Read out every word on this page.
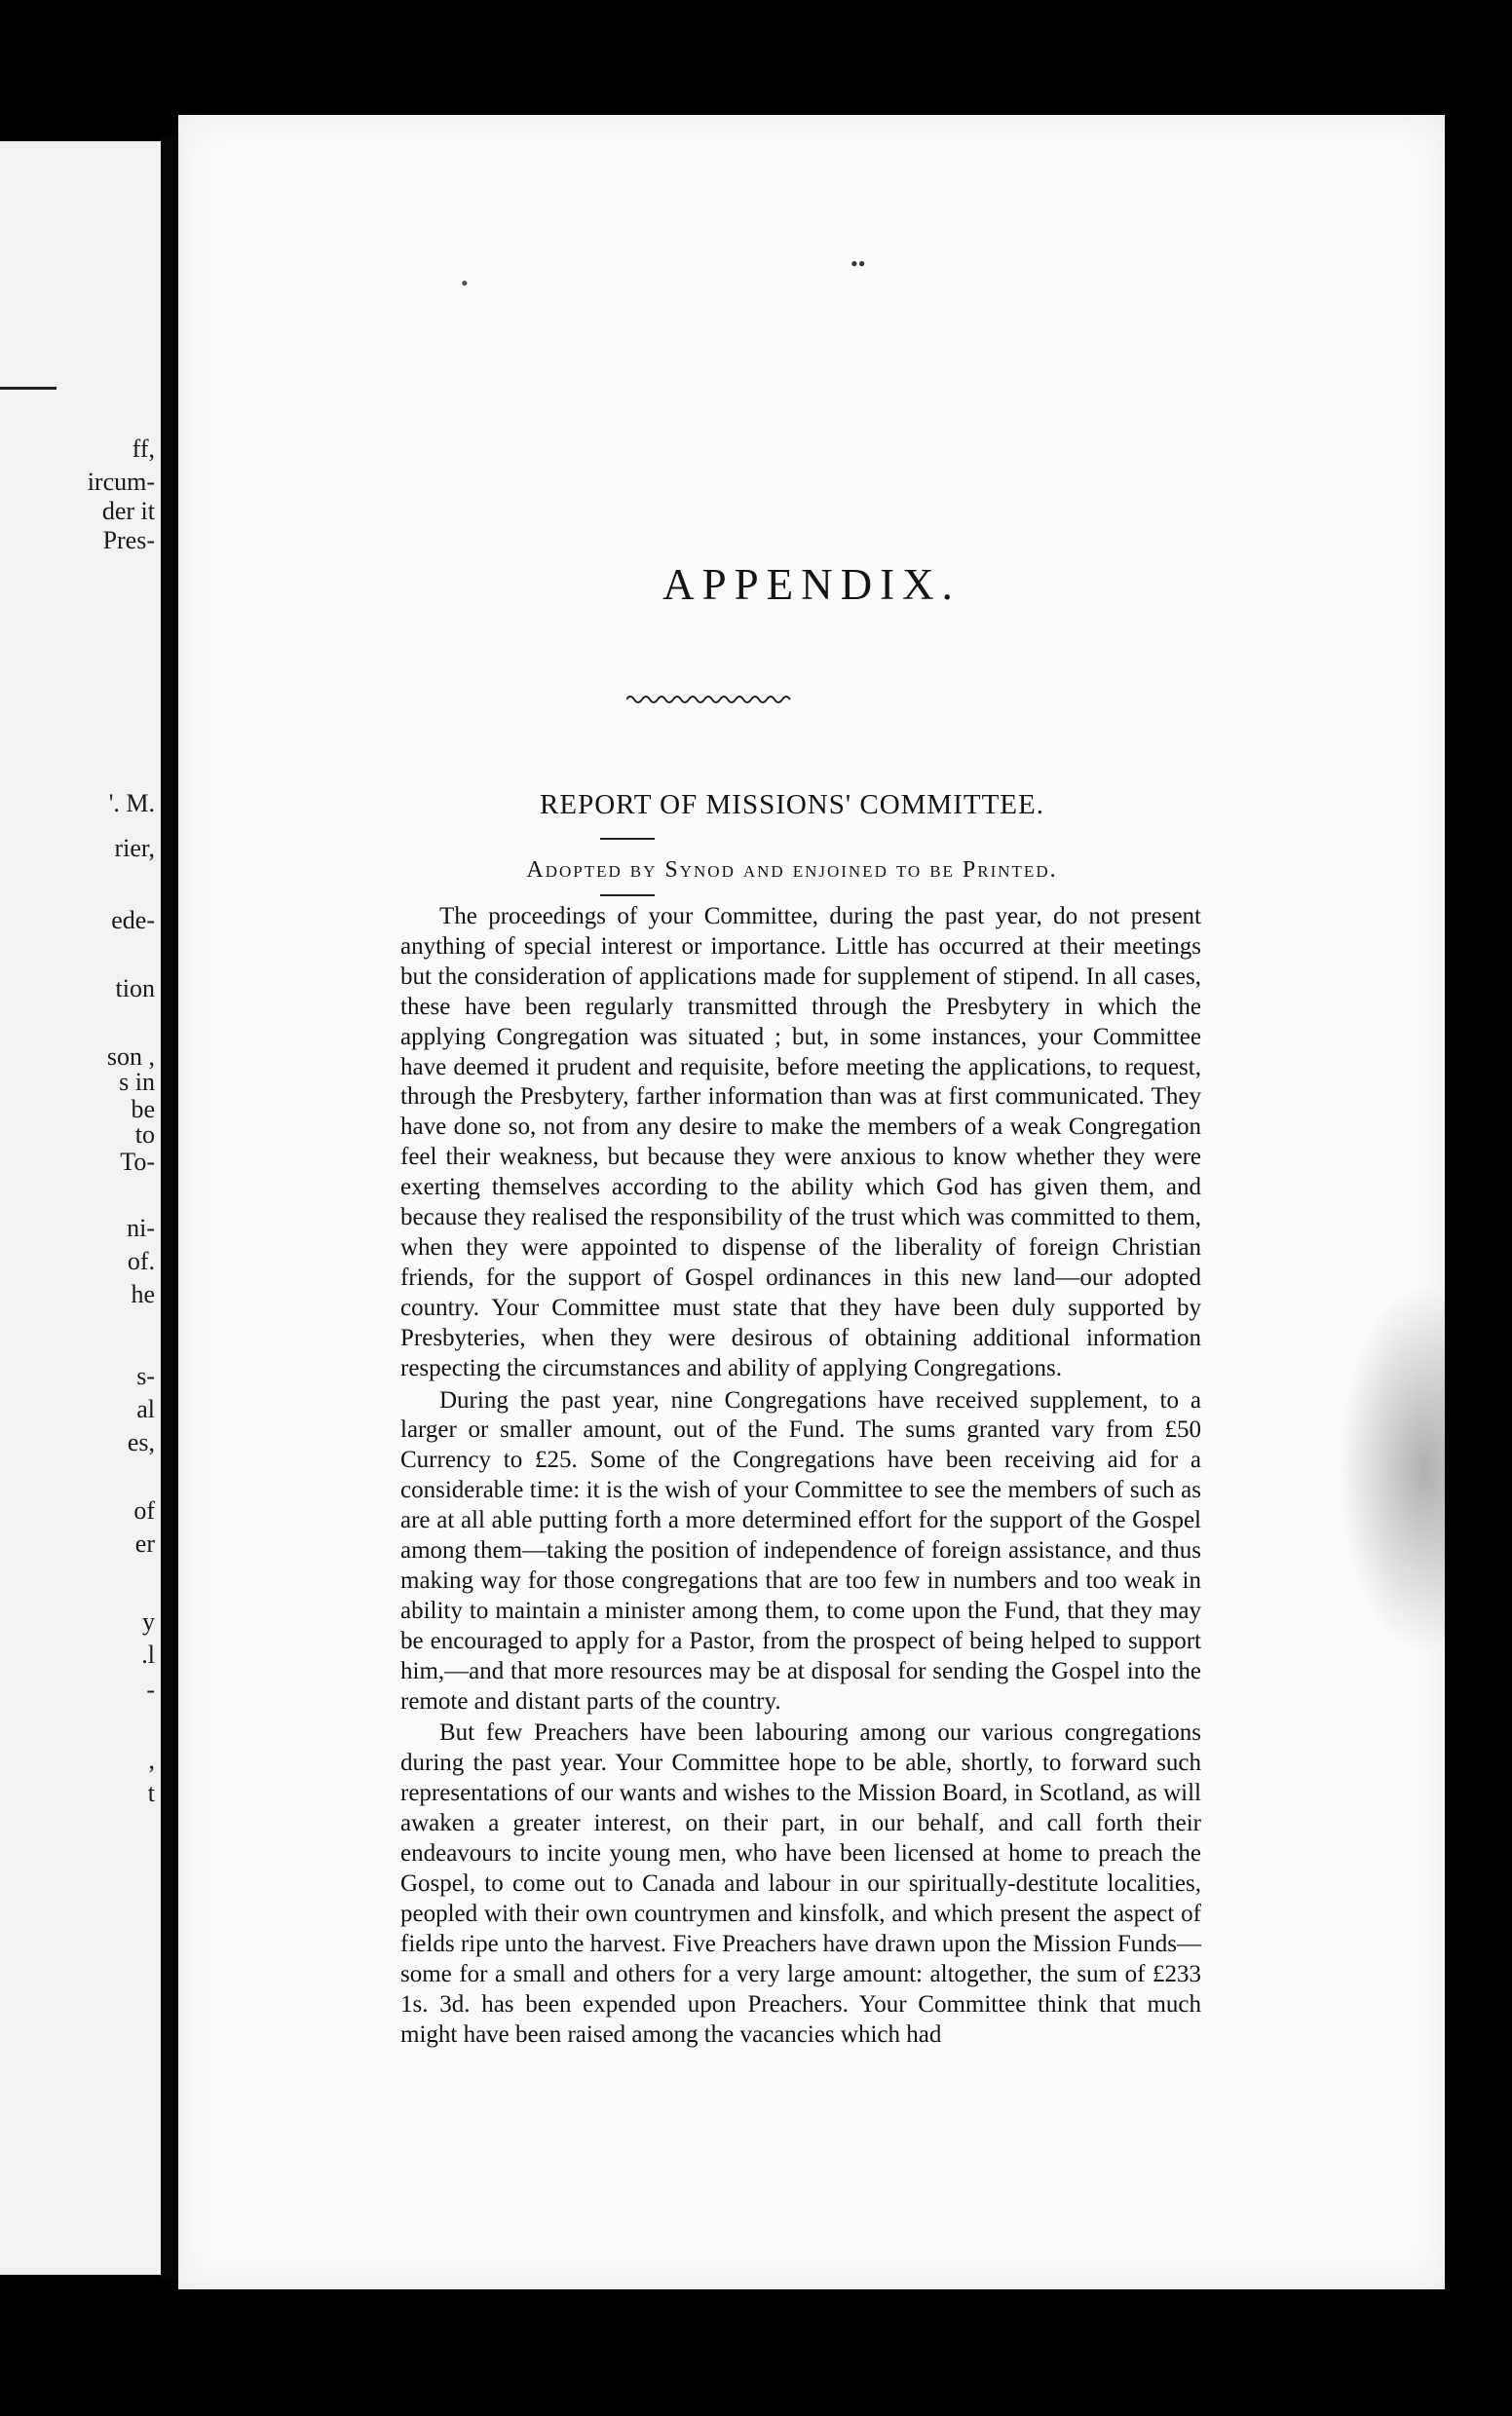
ff,
ircum-
der it
Pres-
'. M.
rier,
ede-
tion
son ,
s in
be
to
To-
ni-
of.
he
s-
al
es,
of
er
y
.l
-
,
t
•
••
APPENDIX.
REPORT OF MISSIONS' COMMITTEE.
Adopted by Synod and enjoined to be Printed.

The proceedings of your Committee, during the past year, do not present anything of special interest or importance. Little has occurred at their meetings but the consideration of applications made for supplement of stipend. In all cases, these have been regularly transmitted through the Presbytery in which the applying Congregation was situated ; but, in some instances, your Committee have deemed it prudent and requisite, before meeting the applications, to request, through the Presbytery, farther information than was at first communicated. They have done so, not from any desire to make the members of a weak Congregation feel their weakness, but because they were anxious to know whether they were exerting themselves according to the ability which God has given them, and because they realised the responsibility of the trust which was committed to them, when they were appointed to dispense of the liberality of foreign Christian friends, for the support of Gospel ordinances in this new land—our adopted country. Your Committee must state that they have been duly supported by Presbyteries, when they were desirous of obtaining additional information respecting the circumstances and ability of applying Congregations.

During the past year, nine Congregations have received supplement, to a larger or smaller amount, out of the Fund. The sums granted vary from £50 Currency to £25. Some of the Congregations have been receiving aid for a considerable time: it is the wish of your Committee to see the members of such as are at all able putting forth a more determined effort for the support of the Gospel among them—taking the position of independence of foreign assistance, and thus making way for those congregations that are too few in numbers and too weak in ability to maintain a minister among them, to come upon the Fund, that they may be encouraged to apply for a Pastor, from the prospect of being helped to support him,—and that more resources may be at disposal for sending the Gospel into the remote and distant parts of the country.

But few Preachers have been labouring among our various congregations during the past year. Your Committee hope to be able, shortly, to forward such representations of our wants and wishes to the Mission Board, in Scotland, as will awaken a greater interest, on their part, in our behalf, and call forth their endeavours to incite young men, who have been licensed at home to preach the Gospel, to come out to Canada and labour in our spiritually-destitute localities, peopled with their own countrymen and kinsfolk, and which present the aspect of fields ripe unto the harvest. Five Preachers have drawn upon the Mission Funds—some for a small and others for a very large amount: altogether, the sum of £233 1s. 3d. has been expended upon Preachers. Your Committee think that much might have been raised among the vacancies which had
